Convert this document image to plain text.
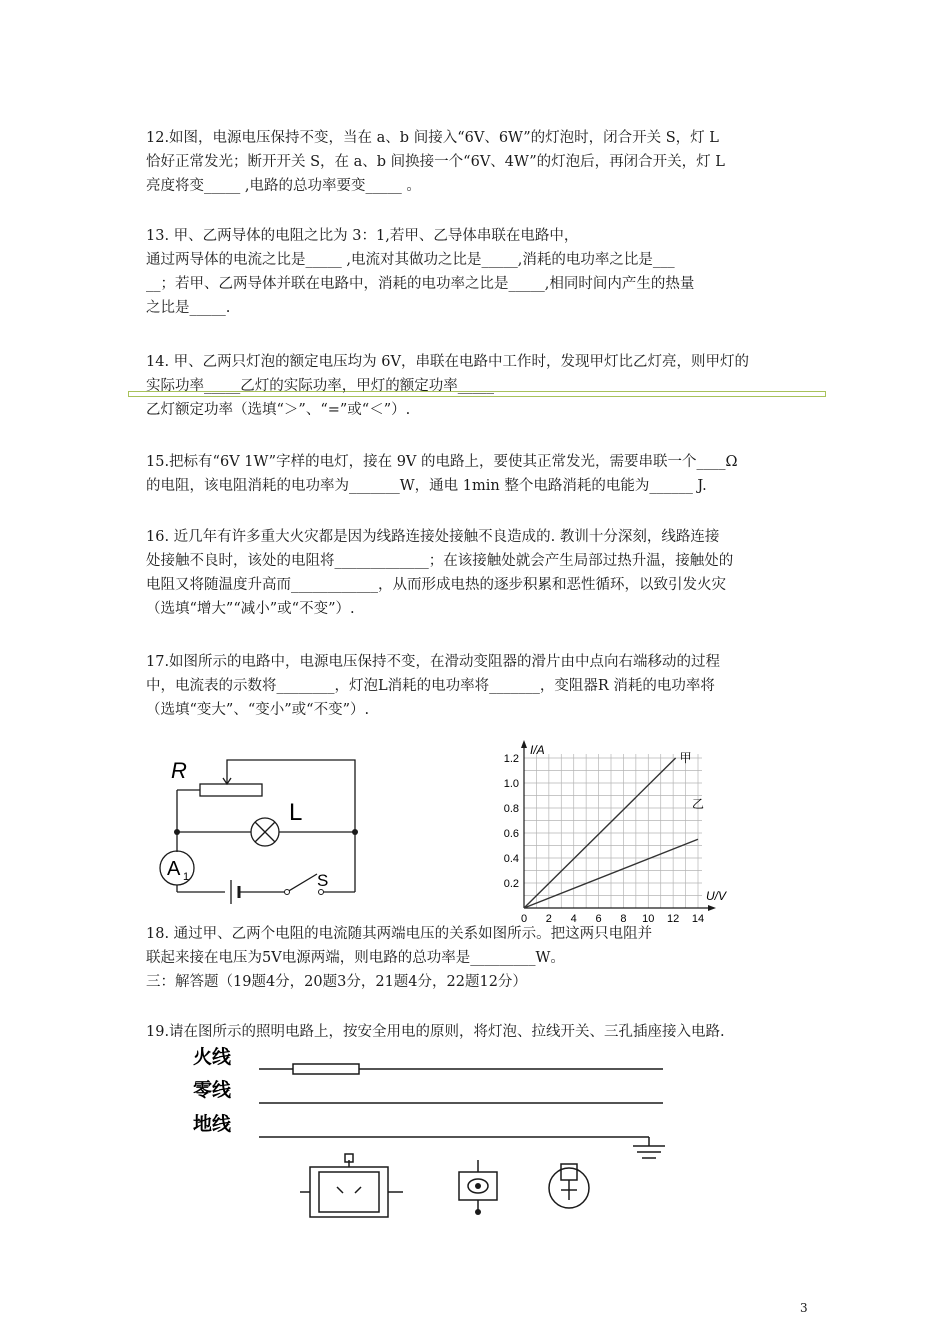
12.如图，电源电压保持不变，当在 a、b 间接入“6V、6W”的灯泡时，闭合开关 S，灯 L

恰好正常发光；断开开关 S，在 a、b 间换接一个“6V、4W”的灯泡后，再闭合开关，灯 L

亮度将变_____ ,电路的总功率要变_____ 。

13. 甲、乙两导体的电阻之比为 3：1,若甲、乙导体串联在电路中，

通过两导体的电流之比是_____ ,电流对其做功之比是_____,消耗的电功率之比是___

__；若甲、乙两导体并联在电路中，消耗的电功率之比是_____,相同时间内产生的热量

之比是_____.

14. 甲、乙两只灯泡的额定电压均为 6V，串联在电路中工作时，发现甲灯比乙灯亮，则甲灯的

实际功率_____乙灯的实际功率，甲灯的额定功率_____

乙灯额定功率（选填“＞”、“=”或“＜”）.

15.把标有“6V 1W”字样的电灯，接在 9V 的电路上，要使其正常发光，需要串联一个____Ω

的电阻，该电阻消耗的电功率为_______W，通电 1min 整个电路消耗的电能为______ J.

16. 近几年有许多重大火灾都是因为线路连接处接触不良造成的. 教训十分深刻，线路连接

处接触不良时，该处的电阻将_____________；在该接触处就会产生局部过热升温，接触处的

电阻又将随温度升高而____________，从而形成电热的逐步积累和恶性循环，以致引发火灾

（选填“增大”“减小”或“不变”）.

17.如图所示的电路中，电源电压保持不变，在滑动变阻器的滑片由中点向右端移动的过程

中，电流表的示数将________，灯泡L消耗的电功率将_______，变阻器R 消耗的电功率将

（选填“变大”、“变小”或“不变”）.

R
L
A 1	S
0 2 4 6 8 10 12 14
0.2
0.4
0.6
0.8
1.0
1.2
I/A
U/V
甲
乙

18. 通过甲、乙两个电阻的电流随其两端电压的关系如图所示。把这两只电阻并

联起来接在电压为5V电源两端，则电路的总功率是_________W。

三：解答题（19题4分，20题3分，21题4分，22题12分）

19.请在图所示的照明电路上，按安全用电的原则，将灯泡、拉线开关、三孔插座接入电路.

火线
零线
地线
3
